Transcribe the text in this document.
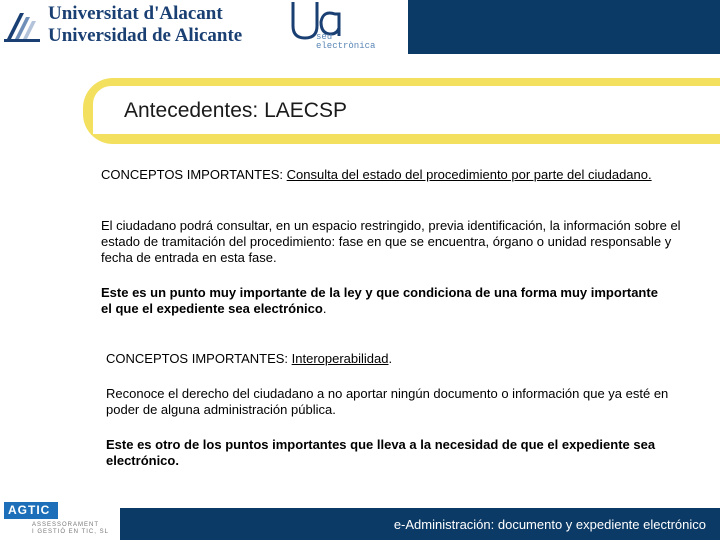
Universitat d'Alacant
Universidad de Alicante	seu
electrònica
Antecedentes: LAECSP
CONCEPTOS IMPORTANTES: Consulta del estado del procedimiento por parte del ciudadano.
El ciudadano podrá consultar, en un espacio restringido, previa identificación, la información sobre el estado de tramitación del procedimiento: fase en que se encuentra, órgano o unidad responsable y fecha de entrada en esta fase.
Este es un punto muy importante de la ley y que condiciona de una forma muy importante el que el expediente sea electrónico.
CONCEPTOS IMPORTANTES: Interoperabilidad.
Reconoce el derecho del ciudadano a no aportar ningún documento o información que ya esté en poder de alguna administración pública.
Este es otro de los puntos importantes que lleva a la necesidad de que el expediente sea electrónico.
AGTIC
ASSESSORAMENT
I GESTIÓ EN TIC, SL	e-Administración: documento y expediente electrónico
